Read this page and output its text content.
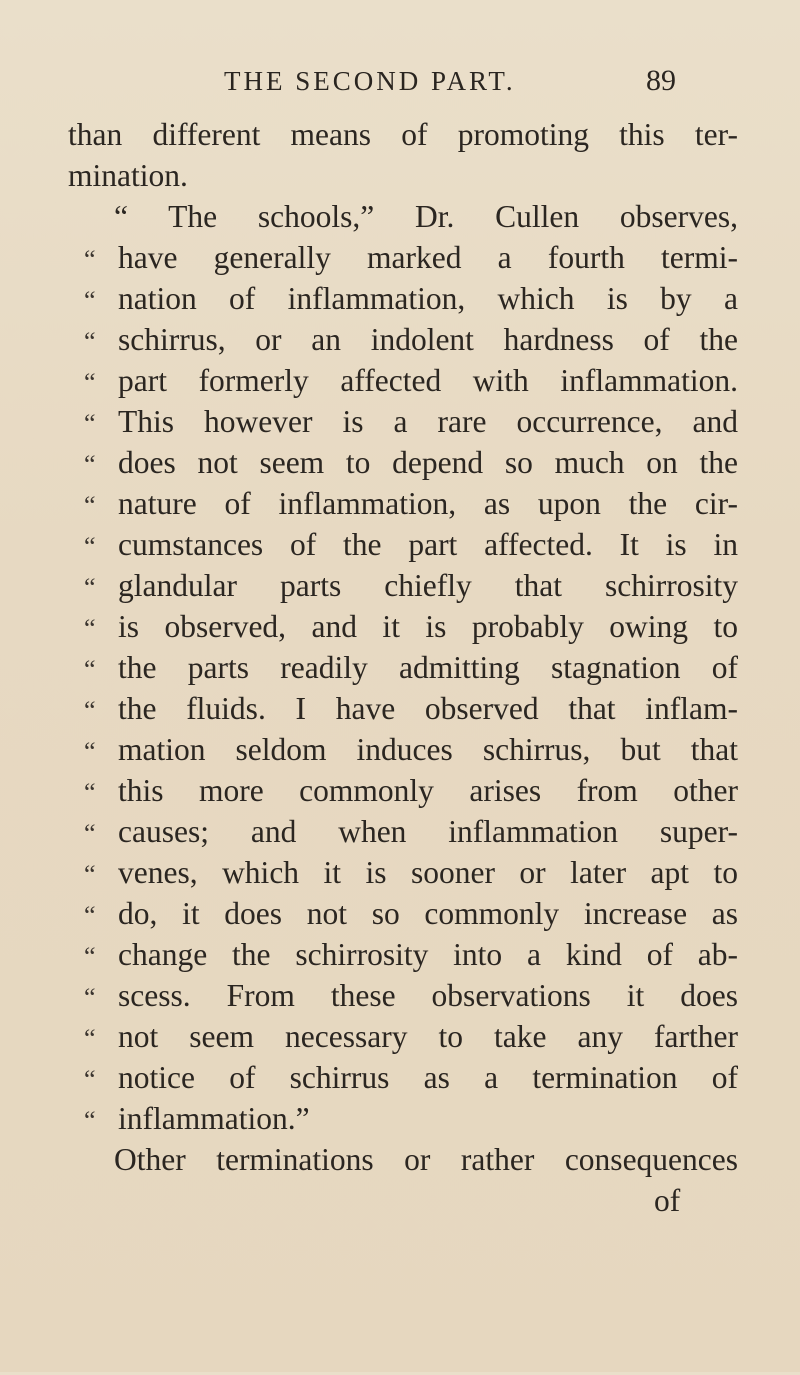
THE SECOND PART.	89
than different means of promoting this ter-
mination.
“ The schools,” Dr. Cullen observes,
“ have generally marked a fourth termi-
“ nation of inflammation, which is by a
“ schirrus, or an indolent hardness of the
“ part formerly affected with inflammation.
“ This however is a rare occurrence, and
“ does not seem to depend so much on the
“ nature of inflammation, as upon the cir-
“ cumstances of the part affected. It is in
“ glandular parts chiefly that schirrosity
“ is observed, and it is probably owing to
“ the parts readily admitting stagnation of
“ the fluids. I have observed that inflam-
“ mation seldom induces schirrus, but that
“ this more commonly arises from other
“ causes; and when inflammation super-
“ venes, which it is sooner or later apt to
“ do, it does not so commonly increase as
“ change the schirrosity into a kind of ab-
“ scess. From these observations it does
“ not seem necessary to take any farther
“ notice of schirrus as a termination of
“ inflammation.”
Other terminations or rather consequences
of
